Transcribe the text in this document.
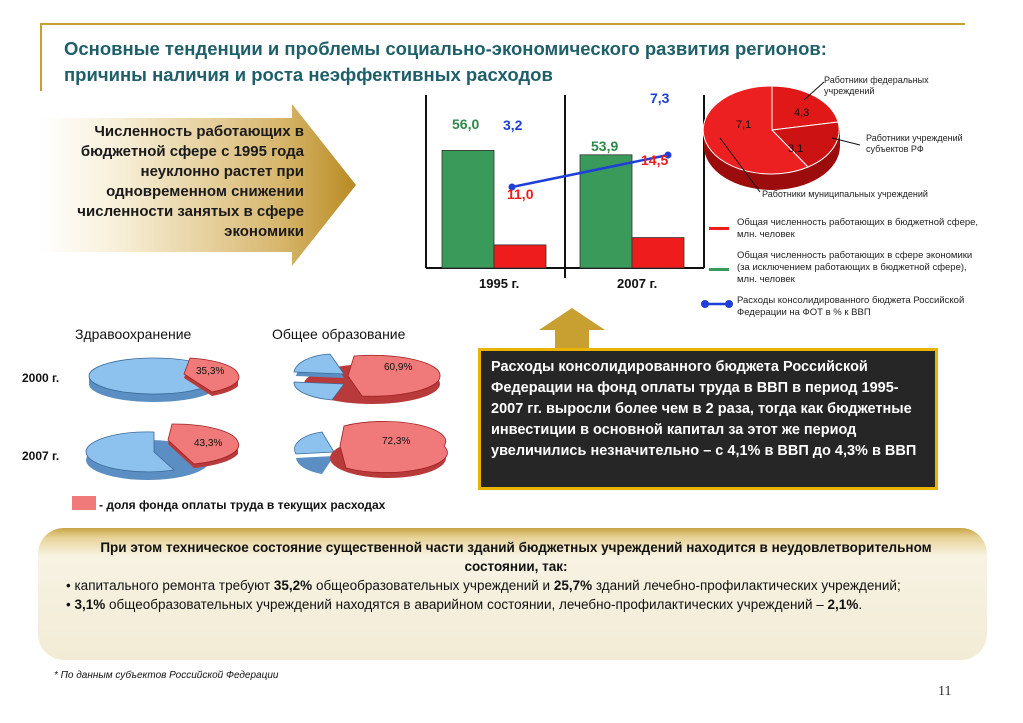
Основные тенденции и проблемы социально-экономического развития регионов:
причины наличия и роста неэффективных расходов
Численность работающих в бюджетной сфере с 1995 года неуклонно растет при одновременном снижении численности занятых в сфере экономики
1995 г.	2007 г.
56,0
53,9
11,0
14,5
3,2
7,3
4,3
3,1
7,1
Работники федеральных учреждений
Работники учреждений субъектов РФ
Работники муниципальных учреждений
Общая численность работающих в бюджетной сфере, млн. человек
Общая численность работающих в сфере экономики (за исключением работающих в бюджетной сфере), млн. человек
Расходы консолидированного бюджета Российской Федерации на ФОТ в % к ВВП
Здравоохранение	Общее образование
2000 г.
2007 г.
35,3%	60,9%
43,3%	72,3%
- доля фонда оплаты труда в текущих расходах

Расходы консолидированного бюджета Российской Федерации на фонд оплаты труда в ВВП в период 1995-2007 гг. выросли более чем в 2 раза, тогда как бюджетные инвестиции в основной капитал за этот же период увеличились незначительно – с 4,1% в ВВП до 4,3% в ВВП

При этом техническое состояние существенной части зданий бюджетных учреждений находится в неудовлетворительном состоянии, так:
• капитального ремонта требуют 35,2% общеобразовательных учреждений и 25,7% зданий лечебно-профилактических учреждений;
• 3,1% общеобразовательных учреждений находятся в аварийном состоянии, лечебно-профилактических учреждений – 2,1%.
* По данным субъектов Российской Федерации
11
